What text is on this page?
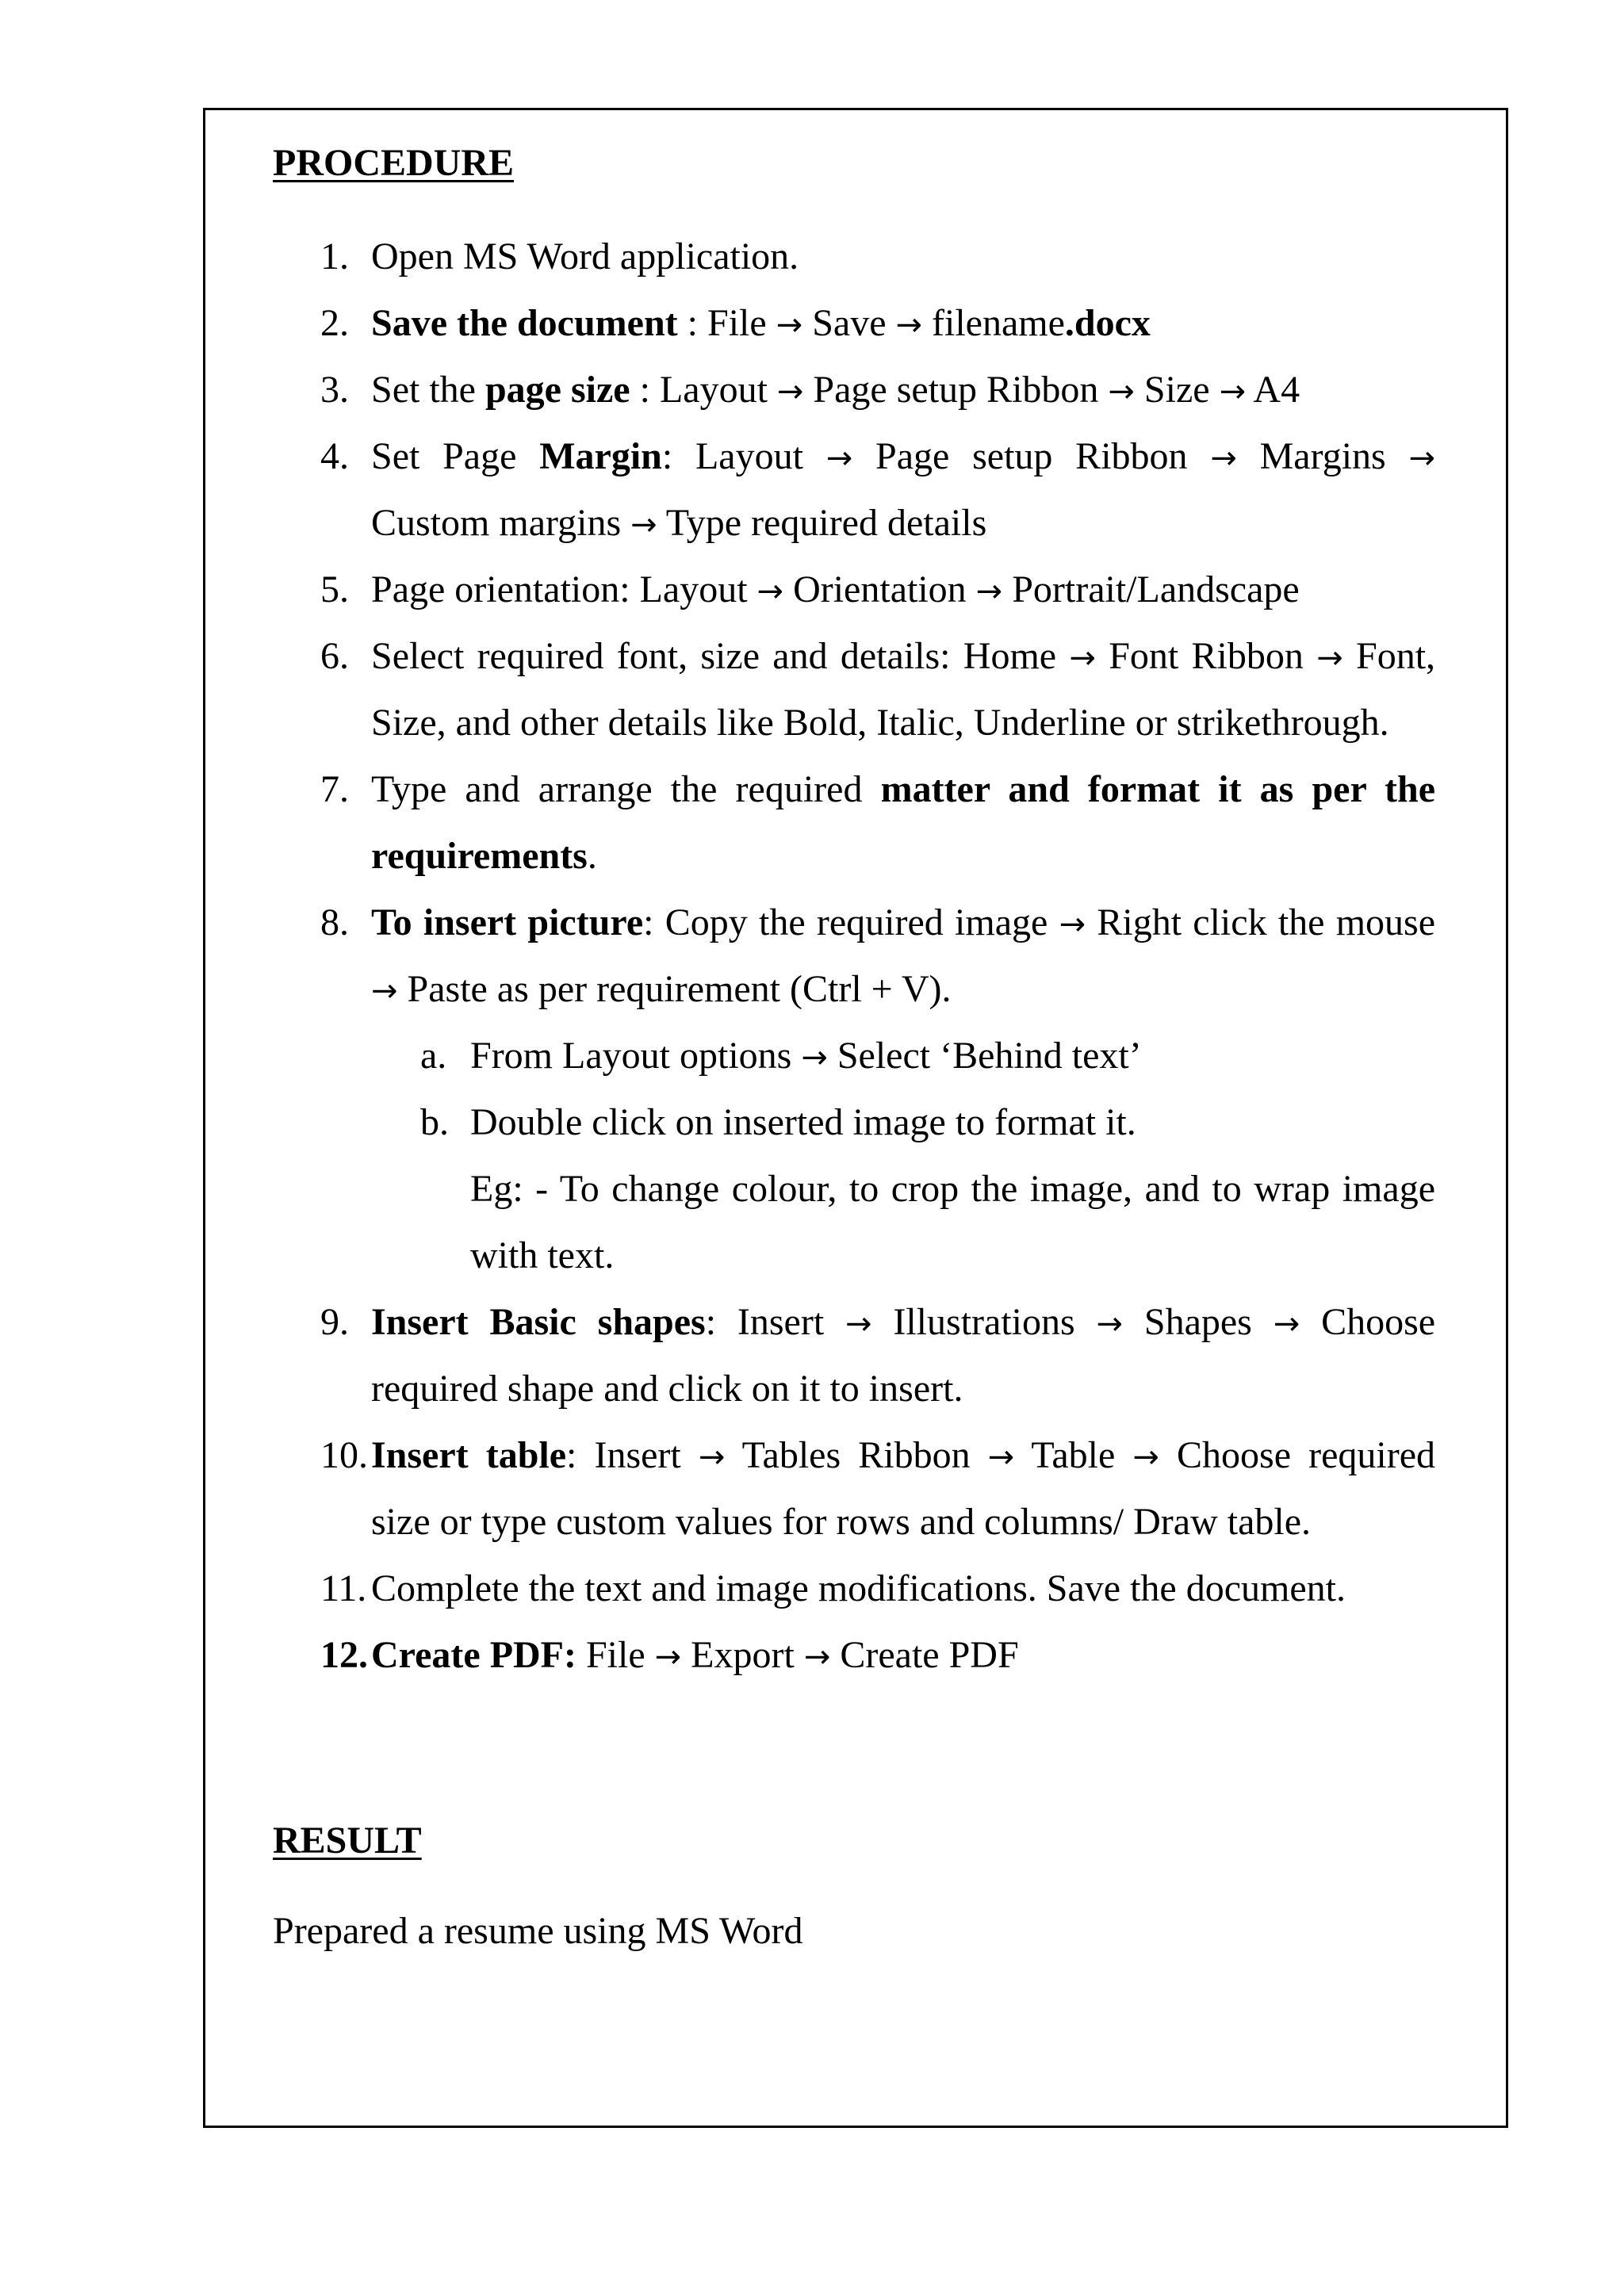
PROCEDURE
1. Open MS Word application.
2. Save the document : File → Save → filename.docx
3. Set the page size : Layout → Page setup Ribbon → Size → A4
4. Set Page Margin: Layout → Page setup Ribbon → Margins →
Custom margins → Type required details
5. Page orientation: Layout → Orientation → Portrait/Landscape
6. Select required font, size and details: Home → Font Ribbon → Font,
Size, and other details like Bold, Italic, Underline or strikethrough.
7. Type and arrange the required matter and format it as per the
requirements.
8. To insert picture: Copy the required image → Right click the mouse
→ Paste as per requirement (Ctrl + V).
a. From Layout options → Select ‘Behind text’
b. Double click on inserted image to format it.
Eg: - To change colour, to crop the image, and to wrap image
with text.
9. Insert Basic shapes: Insert → Illustrations → Shapes → Choose
required shape and click on it to insert.
10. Insert table: Insert → Tables Ribbon → Table → Choose required
size or type custom values for rows and columns/ Draw table.
11. Complete the text and image modifications. Save the document.
12. Create PDF: File → Export → Create PDF
RESULT

Prepared a resume using MS Word
